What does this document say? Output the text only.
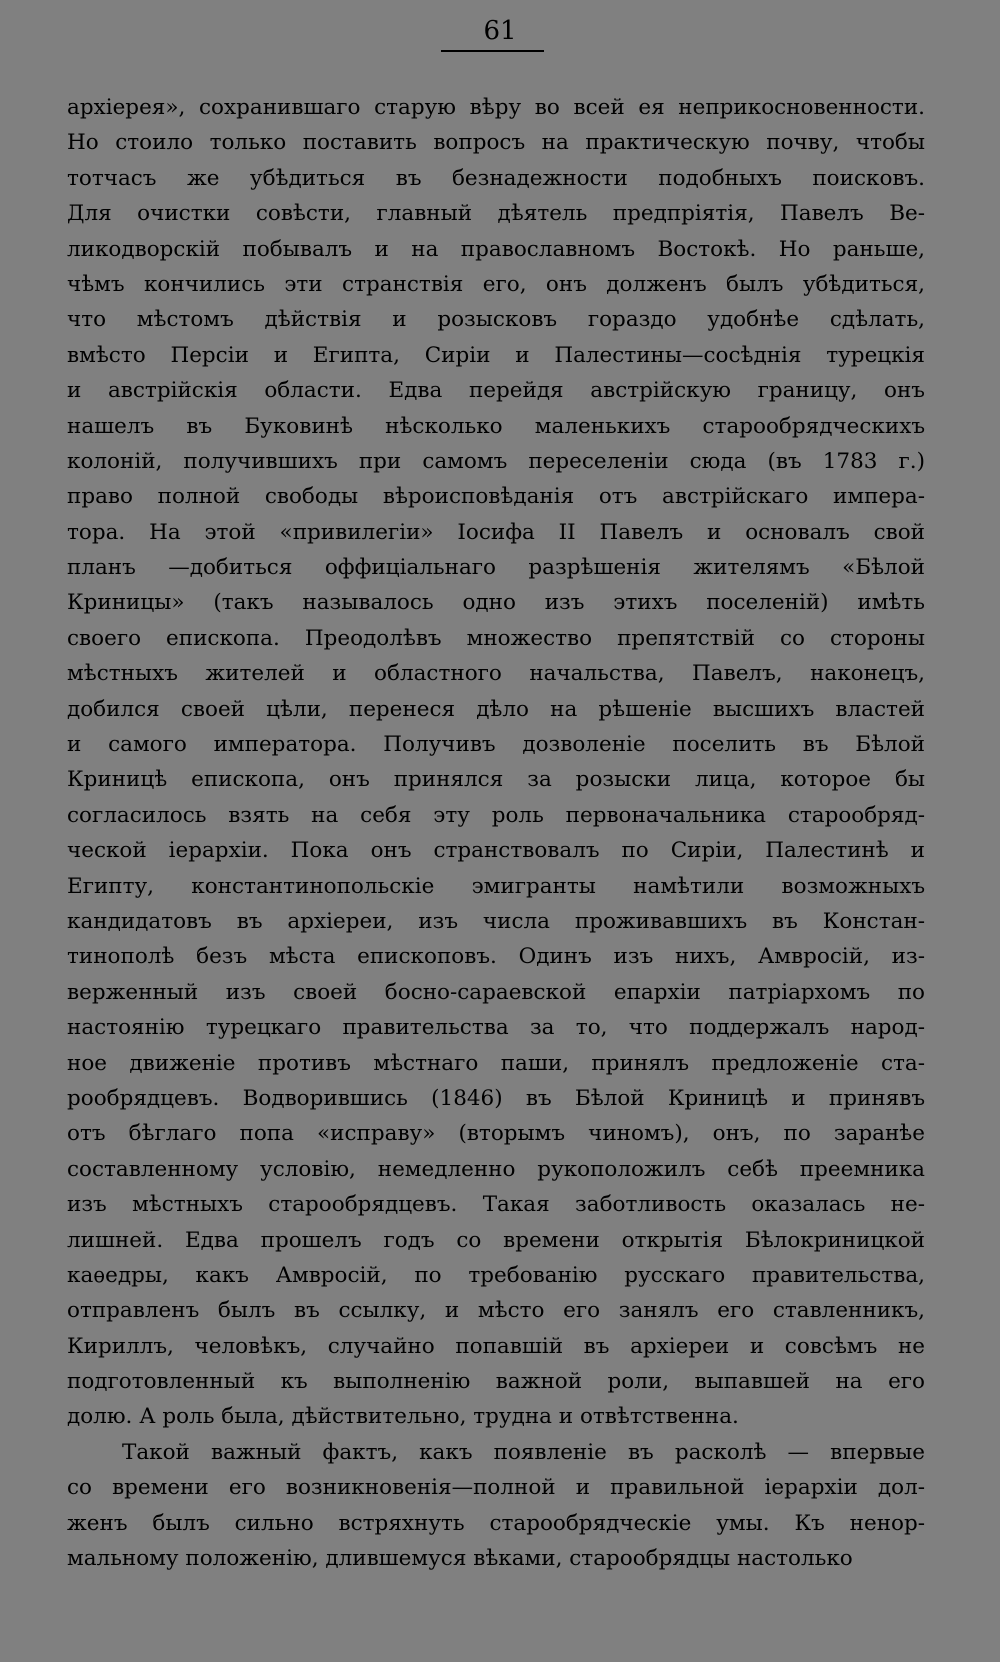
61
архiерея», сохранившаго старую вѣру во всей ея неприкосновенности.
Но стоило только поставить вопросъ на практическую почву, чтобы
тотчасъ же убѣдиться въ безнадежности подобныхъ поисковъ.
Для очистки совѣсти, главный дѣятель предпрiятiя, Павелъ Ве-
ликодворскiй побывалъ и на православномъ Востокѣ. Но раньше,
чѣмъ кончились эти странствiя его, онъ долженъ былъ убѣдиться,
что мѣстомъ дѣйствiя и розысковъ гораздо удобнѣе сдѣлать,
вмѣсто Персiи и Египта, Сирiи и Палестины—сосѣднiя турецкiя
и австрiйскiя области. Едва перейдя австрiйскую границу, онъ
нашелъ въ Буковинѣ нѣсколько маленькихъ старообрядческихъ
колонiй, получившихъ при самомъ переселенiи сюда (въ 1783 г.)
право полной свободы вѣроисповѣданiя отъ австрiйскаго импера-
тора. На этой «привилегiи» Iосифа II Павелъ и основалъ свой
планъ —добиться оффицiальнаго разрѣшенiя жителямъ «Бѣлой
Криницы» (такъ называлось одно изъ этихъ поселенiй) имѣть
своего епископа. Преодолѣвъ множество препятствiй со стороны
мѣстныхъ жителей и областного начальства, Павелъ, наконецъ,
добился своей цѣли, перенеся дѣло на рѣшенiе высшихъ властей
и самого императора. Получивъ дозволенiе поселить въ Бѣлой
Криницѣ епископа, онъ принялся за розыски лица, которое бы
согласилось взять на себя эту роль первоначальника старообряд-
ческой iерархiи. Пока онъ странствовалъ по Сирiи, Палестинѣ и
Египту, константинопольскiе эмигранты намѣтили возможныхъ
кандидатовъ въ архiереи, изъ числа проживавшихъ въ Констан-
тинополѣ безъ мѣста епископовъ. Одинъ изъ нихъ, Амвросiй, из-
верженный изъ своей босно-сараевской епархiи патрiархомъ по
настоянiю турецкаго правительства за то, что поддержалъ народ-
ное движенiе противъ мѣстнаго паши, принялъ предложенiе ста-
рообрядцевъ. Водворившись (1846) въ Бѣлой Криницѣ и принявъ
отъ бѣглаго попа «исправу» (вторымъ чиномъ), онъ, по заранѣе
составленному условiю, немедленно рукоположилъ себѣ преемника
изъ мѣстныхъ старообрядцевъ. Такая заботливость оказалась не-
лишней. Едва прошелъ годъ со времени открытiя Бѣлокриницкой
каѳедры, какъ Амвросiй, по требованiю русскаго правительства,
отправленъ былъ въ ссылку, и мѣсто его занялъ его ставленникъ,
Кириллъ, человѣкъ, случайно попавшiй въ архiереи и совсѣмъ не
подготовленный къ выполненiю важной роли, выпавшей на его
долю. А роль была, дѣйствительно, трудна и отвѣтственна.
Такой важный фактъ, какъ появленiе въ расколѣ — впервые
со времени его возникновенiя—полной и правильной iерархiи дол-
женъ былъ сильно встряхнуть старообрядческiе умы. Къ ненор-
мальному положенiю, длившемуся вѣками, старообрядцы настолько
